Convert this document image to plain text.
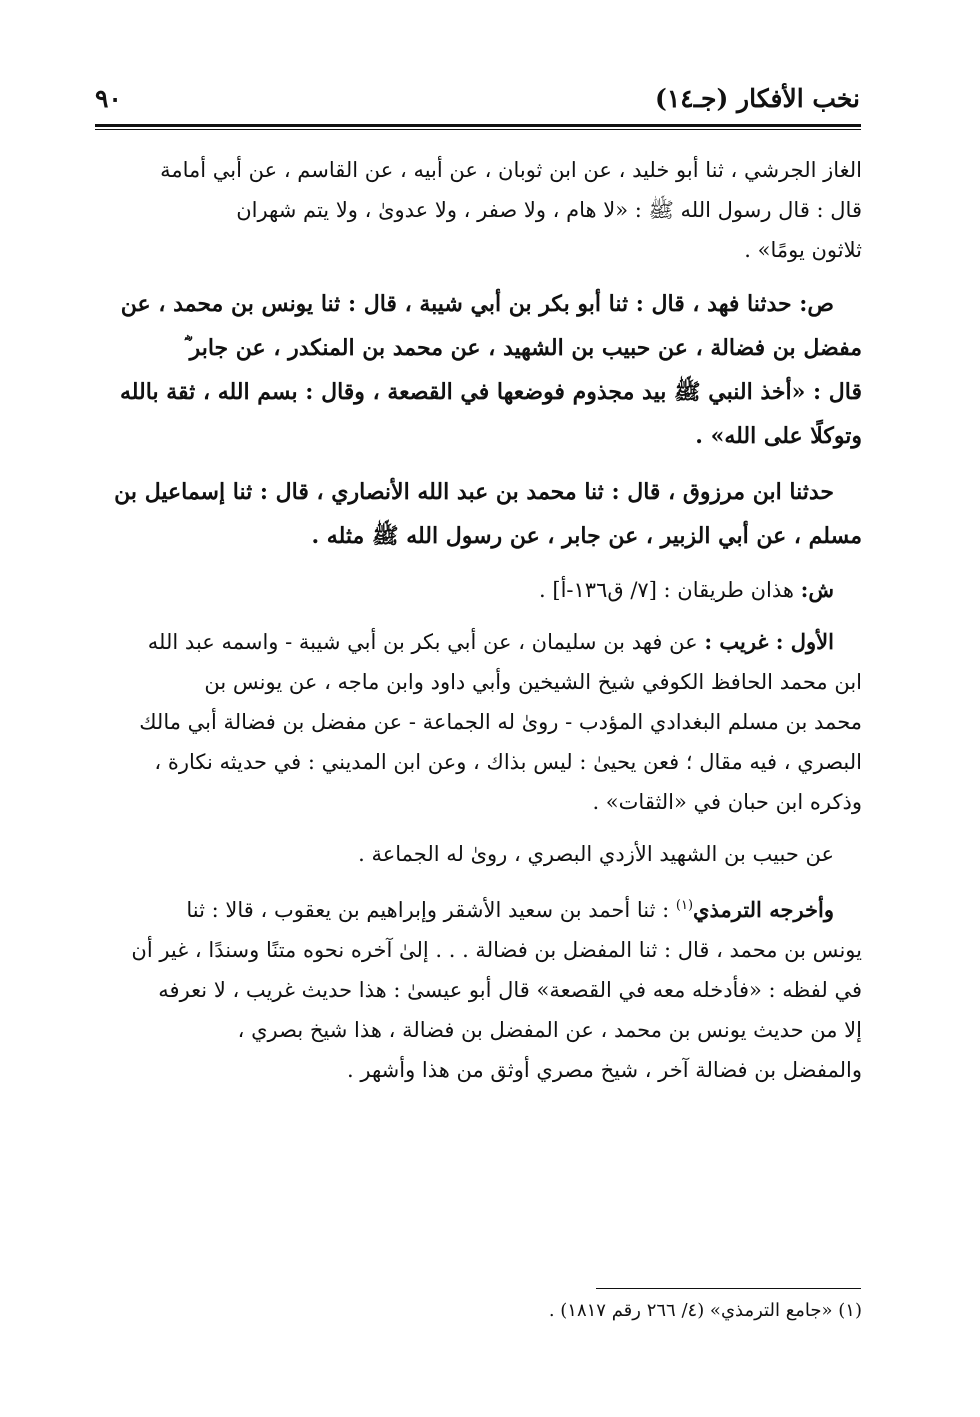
نخب الأفكار (جـ١٤)
٩٠
الغاز الجرشي ، ثنا أبو خليد ، عن ابن ثوبان ، عن أبيه ، عن القاسم ، عن أبي أمامة
قال : قال رسول الله ﷺ : «لا هام ، ولا صفر ، ولا عدوىٰ ، ولا يتم شهران
ثلاثون يومًا» .
ص: حدثنا فهد ، قال : ثنا أبو بكر بن أبي شيبة ، قال : ثنا يونس بن محمد ، عن
مفضل بن فضالة ، عن حبيب بن الشهيد ، عن محمد بن المنكدر ، عن جابر ؓ
قال : «أخذ النبي ﷺ بيد مجذوم فوضعها في القصعة ، وقال : بسم الله ، ثقة بالله
وتوكلًا على الله» .
حدثنا ابن مرزوق ، قال : ثنا محمد بن عبد الله الأنصاري ، قال : ثنا إسماعيل بن
مسلم ، عن أبي الزبير ، عن جابر ، عن رسول الله ﷺ مثله .
ش: هذان طريقان : [٧/ ق١٣٦-أ] .
الأول : غريب : عن فهد بن سليمان ، عن أبي بكر بن أبي شيبة - واسمه عبد الله
ابن محمد الحافظ الكوفي شيخ الشيخين وأبي داود وابن ماجه ، عن يونس بن
محمد بن مسلم البغدادي المؤدب - روىٰ له الجماعة - عن مفضل بن فضالة أبي مالك
البصري ، فيه مقال ؛ فعن يحيىٰ : ليس بذاك ، وعن ابن المديني : في حديثه نكارة ،
وذكره ابن حبان في «الثقات» .
عن حبيب بن الشهيد الأزدي البصري ، روىٰ له الجماعة .
وأخرجه الترمذي$^{(١)}$ : ثنا أحمد بن سعيد الأشقر وإبراهيم بن يعقوب ، قالا : ثنا
يونس بن محمد ، قال : ثنا المفضل بن فضالة . . . إلىٰ آخره نحوه متنًا وسندًا ، غير أن
في لفظه : «فأدخله معه في القصعة» قال أبو عيسىٰ : هذا حديث غريب ، لا نعرفه
إلا من حديث يونس بن محمد ، عن المفضل بن فضالة ، هذا شيخ بصري ،
والمفضل بن فضالة آخر ، شيخ مصري أوثق من هذا وأشهر .
(١) «جامع الترمذي» (٤/ ٢٦٦ رقم ١٨١٧) .
